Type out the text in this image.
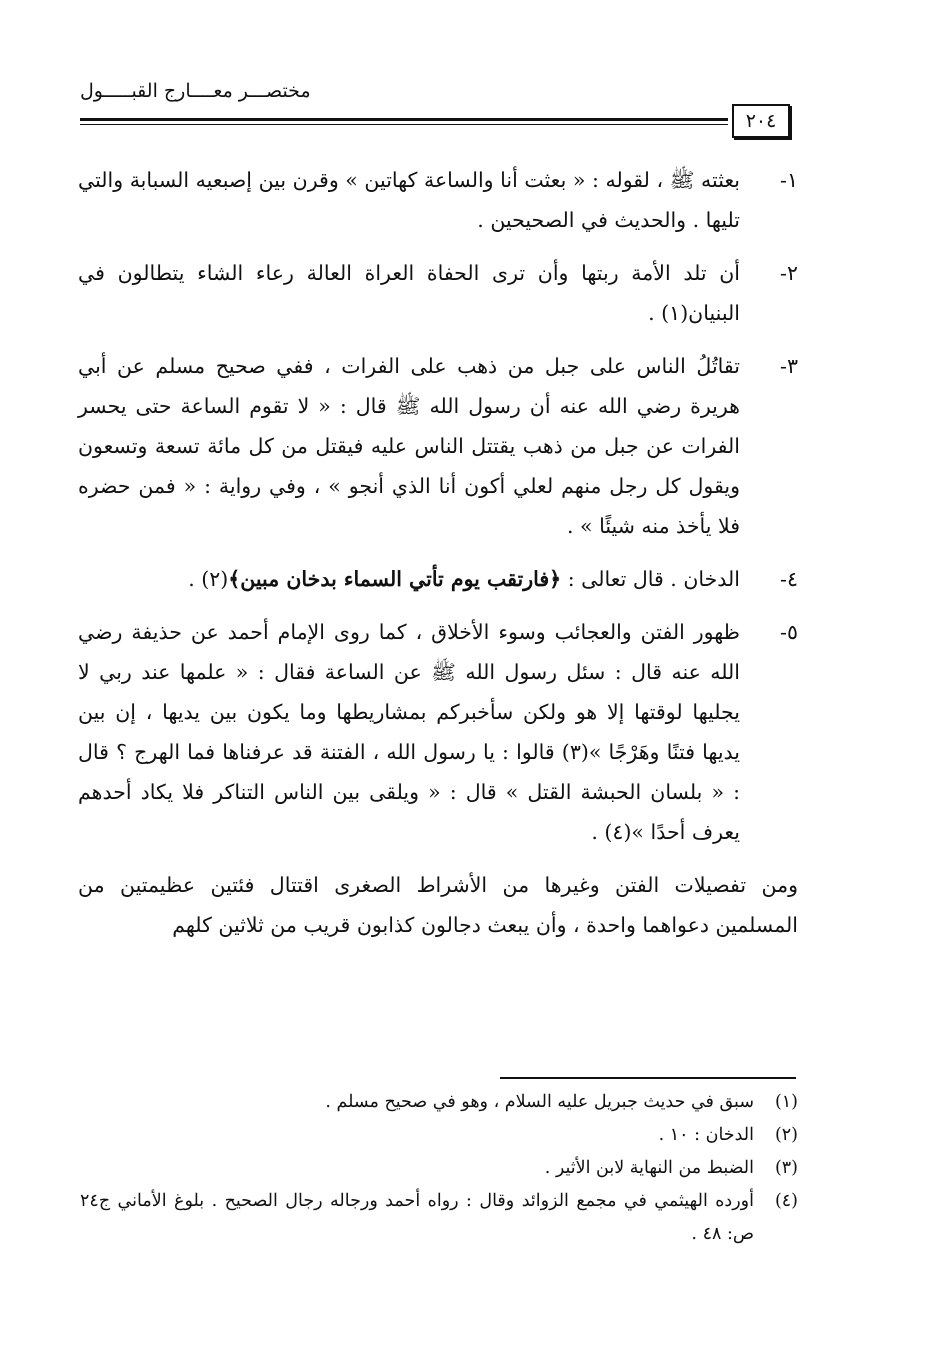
مختصـــر معــــارج القبـــــول
٢٠٤
١-
بعثته ﷺ ، لقوله : « بعثت أنا والساعة كهاتين » وقرن بين إصبعيه السبابة والتي تليها . والحديث في الصحيحين .
٢-
أن تلد الأمة ربتها وأن ترى الحفاة العراة العالة رعاء الشاء يتطالون في البنيان(١) .
٣-
تقاتُلُ الناس على جبل من ذهب على الفرات ، ففي صحيح مسلم عن أبي هريرة رضي الله عنه أن رسول الله ﷺ قال : « لا تقوم الساعة حتى يحسر الفرات عن جبل من ذهب يقتتل الناس عليه فيقتل من كل مائة تسعة وتسعون ويقول كل رجل منهم لعلي أكون أنا الذي أنجو » ، وفي رواية : « فمن حضره فلا يأخذ منه شيئًا » .
٤-
الدخان . قال تعالى : ﴿فارتقب يوم تأتي السماء بدخان مبين﴾(٢) .
٥-
ظهور الفتن والعجائب وسوء الأخلاق ، كما روى الإمام أحمد عن حذيفة رضي الله عنه قال : سئل رسول الله ﷺ عن الساعة فقال : « علمها عند ربي لا يجليها لوقتها إلا هو ولكن سأخبركم بمشاريطها وما يكون بين يديها ، إن بين يديها فتنًا وهَرْجًا »(٣) قالوا : يا رسول الله ، الفتنة قد عرفناها فما الهرج ؟ قال : « بلسان الحبشة القتل » قال : « ويلقى بين الناس التناكر فلا يكاد أحدهم يعرف أحدًا »(٤) .
ومن تفصيلات الفتن وغيرها من الأشراط الصغرى اقتتال فئتين عظيمتين من المسلمين دعواهما واحدة ، وأن يبعث دجالون كذابون قريب من ثلاثين كلهم
(١)
سبق في حديث جبريل عليه السلام ، وهو في صحيح مسلم .
(٢)
الدخان : ١٠ .
(٣)
الضبط من النهاية لابن الأثير .
(٤)
أورده الهيثمي في مجمع الزوائد وقال : رواه أحمد ورجاله رجال الصحيح . بلوغ الأماني ج٢٤ ص: ٤٨ .
